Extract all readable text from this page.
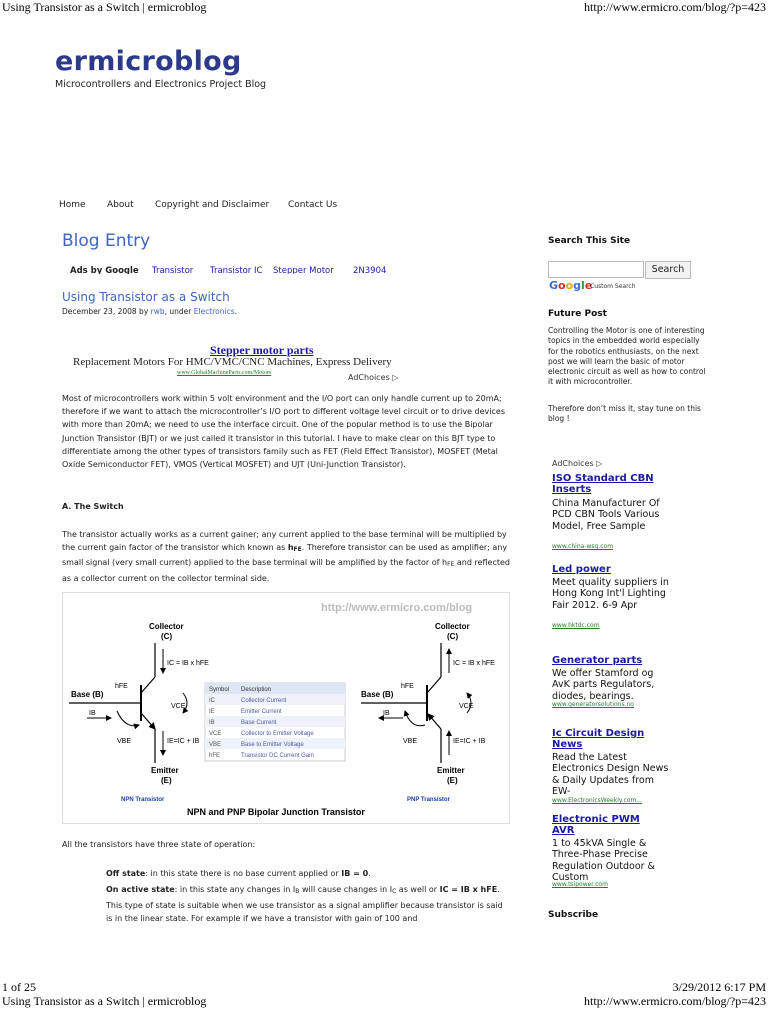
Using Transistor as a Switch | ermicroblog	http://www.ermicro.com/blog/?p=423
ermicroblog
Microcontrollers and Electronics Project Blog
Home About Copyright and Disclaimer Contact Us
Blog Entry
Ads by Google Transistor Transistor IC Stepper Motor 2N3904
Using Transistor as a Switch
December 23, 2008 by rwb, under Electronics.
Stepper motor parts
Replacement Motors For HMC/VMC/CNC Machines, Express Delivery
www.GlobalMachineParts.com/Motors	AdChoices ▷
Most of microcontrollers work within 5 volt environment and the I/O port can only handle current up to 20mA; therefore if we want to attach the microcontroller’s I/O port to different voltage level circuit or to drive devices with more than 20mA; we need to use the interface circuit. One of the popular method is to use the Bipolar Junction Transistor (BJT) or we just called it transistor in this tutorial. I have to make clear on this BJT type to differentiate among the other types of transistors family such as FET (Field Effect Transistor), MOSFET (Metal Oxide Semiconductor FET), VMOS (Vertical MOSFET) and UJT (Uni-Junction Transistor).
A. The Switch
The transistor actually works as a current gainer; any current applied to the base terminal will be multiplied by the current gain factor of the transistor which known as hFE. Therefore transistor can be used as amplifier; any small signal (very small current) applied to the base terminal will be amplified by the factor of hFE and reflected as a collector current on the collector terminal side.
http://www.ermicro.com/blog
Collector
(C)
IC = IB x hFE
hFE
Base (B)
IB
VCE
VBE	IE=IC + IB
Emitter
(E)
NPN Transistor
Symbol Description
IC	Collector Current
IE	Emitter Current
IB	Base Current
VCE	Collector to Emitter Voltage
VBE	Base to Emitter Voltage
hFE	Transistor DC Current Gain
Collector
(C)
IC = IB x hFE
hFE
Base (B)
IB
VCE
VBE	IE=IC + IB
Emitter
(E)
PNP Transistor
NPN and PNP Bipolar Junction Transistor
All the transistors have three state of operation:
Off state: in this state there is no base current applied or IB = 0.
On active state: in this state any changes in IB will cause changes in IC as well or IC = IB x hFE. This type of state is suitable when we use transistor as a signal amplifier because transistor is said is in the linear state. For example if we have a transistor with gain of 100 and
Search This Site
Search
Google
Custom Search
Future Post
Controlling the Motor is one of interesting topics in the embedded world especially for the robotics enthusiasts, on the next post we will learn the basic of motor electronic circuit as well as how to control it with microcontroller.
Therefore don’t miss it, stay tune on this blog !
AdChoices ▷
ISO Standard CBN Inserts
China Manufacturer Of PCD CBN Tools Various Model, Free Sample
www.china-wsq.com
Led power
Meet quality suppliers in Hong Kong Int'l Lighting Fair 2012. 6-9 Apr
www.hktdc.com
Generator parts
We offer Stamford og AvK parts Regulators, diodes, bearings.
www.generatorsolutions.no
Ic Circuit Design News
Read the Latest Electronics Design News & Daily Updates from EW-
www.ElectronicsWeekly.com...
Electronic PWM AVR
1 to 45kVA Single & Three-Phase Precise Regulation Outdoor & Custom
www.tsipower.com
Subscribe
1 of 25	3/29/2012 6:17 PM
Using Transistor as a Switch | ermicroblog	http://www.ermicro.com/blog/?p=423
